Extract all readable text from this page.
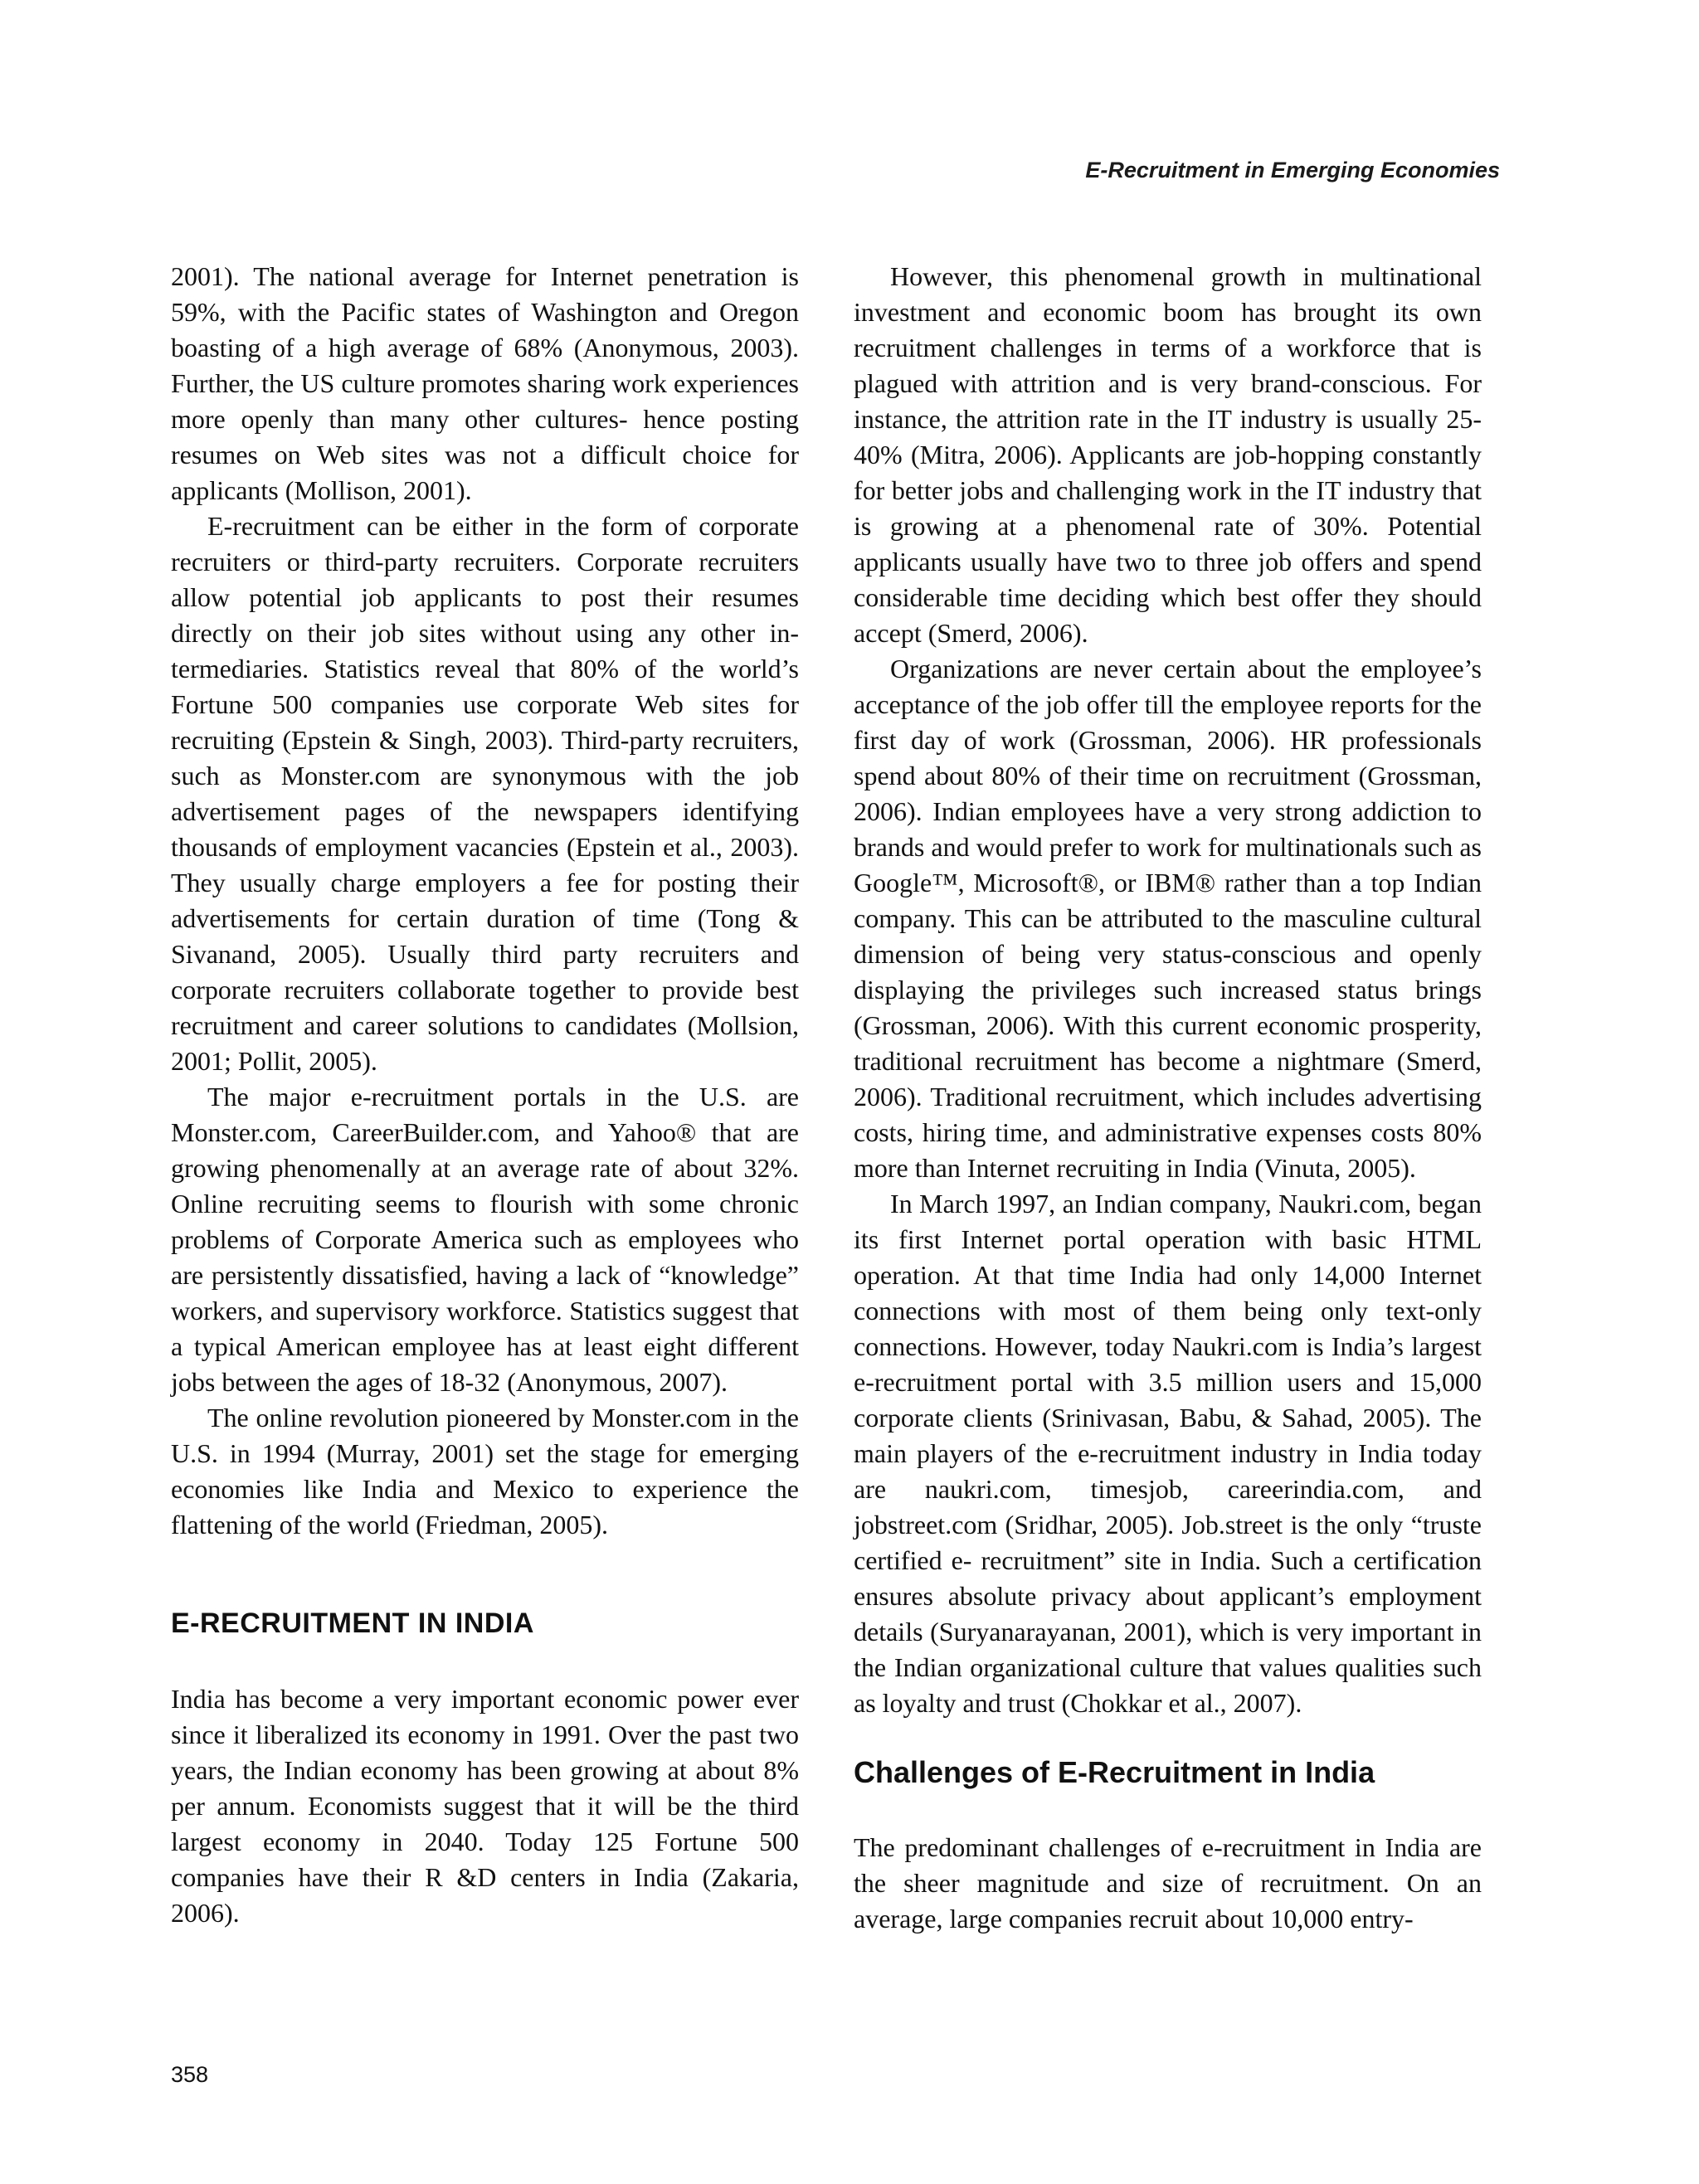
E-Recruitment in Emerging Economies

2001). The national average for Internet penetration is 59%, with the Pacific states of Washington and Oregon boasting of a high average of 68% (Anonymous, 2003). Further, the US culture promotes sharing work experiences more openly than many other cultures- hence posting resumes on Web sites was not a difficult choice for applicants (Mollison, 2001).

E-recruitment can be either in the form of corporate recruiters or third-party recruiters. Corporate recruiters allow potential job applicants to post their resumes directly on their job sites without using any other intermediaries. Statistics reveal that 80% of the world’s Fortune 500 companies use corporate Web sites for recruiting (Epstein & Singh, 2003). Third-party recruiters, such as Monster.com are synonymous with the job advertisement pages of the newspapers identifying thousands of employment vacancies (Epstein et al., 2003). They usually charge employers a fee for posting their advertisements for certain duration of time (Tong & Sivanand, 2005). Usually third party recruiters and corporate recruiters collaborate together to provide best recruitment and career solutions to candidates (Mollsion, 2001; Pollit, 2005).

The major e-recruitment portals in the U.S. are Monster.com, CareerBuilder.com, and Yahoo® that are growing phenomenally at an average rate of about 32%. Online recruiting seems to flourish with some chronic problems of Corporate America such as employees who are persistently dissatisfied, having a lack of “knowledge” workers, and supervisory workforce. Statistics suggest that a typical American employee has at least eight different jobs between the ages of 18-32 (Anonymous, 2007).

The online revolution pioneered by Monster.com in the U.S. in 1994 (Murray, 2001) set the stage for emerging economies like India and Mexico to experience the flattening of the world (Friedman, 2005).

E-RECRUITMENT IN INDIA

India has become a very important economic power ever since it liberalized its economy in 1991. Over the past two years, the Indian economy has been growing at about 8% per annum. Economists suggest that it will be the third largest economy in 2040. Today 125 Fortune 500 companies have their R &D centers in India (Zakaria, 2006).

However, this phenomenal growth in multinational investment and economic boom has brought its own recruitment challenges in terms of a workforce that is plagued with attrition and is very brand-conscious. For instance, the attrition rate in the IT industry is usually 25-40% (Mitra, 2006). Applicants are job-hopping constantly for better jobs and challenging work in the IT industry that is growing at a phenomenal rate of 30%. Potential applicants usually have two to three job offers and spend considerable time deciding which best offer they should accept (Smerd, 2006).

Organizations are never certain about the employee’s acceptance of the job offer till the employee reports for the first day of work (Grossman, 2006). HR professionals spend about 80% of their time on recruitment (Grossman, 2006). Indian employees have a very strong addiction to brands and would prefer to work for multinationals such as Google™, Microsoft®, or IBM® rather than a top Indian company. This can be attributed to the masculine cultural dimension of being very status-conscious and openly displaying the privileges such increased status brings (Grossman, 2006). With this current economic prosperity, traditional recruitment has become a nightmare (Smerd, 2006). Traditional recruitment, which includes advertising costs, hiring time, and administrative expenses costs 80% more than Internet recruiting in India (Vinuta, 2005).

In March 1997, an Indian company, Naukri.com, began its first Internet portal operation with basic HTML operation. At that time India had only 14,000 Internet connections with most of them being only text-only connections. However, today Naukri.com is India’s largest e-recruitment portal with 3.5 million users and 15,000 corporate clients (Srinivasan, Babu, & Sahad, 2005). The main players of the e-recruitment industry in India today are naukri.com, timesjob, careerindia.​com, and jobstreet.com (Sridhar, 2005). Job.street is the only “truste certified e- recruitment” site in India. Such a certification ensures absolute privacy about applicant’s employment details (Suryanarayanan, 2001), which is very important in the Indian organizational culture that values qualities such as loyalty and trust (Chokkar et al., 2007).

Challenges of E-Recruitment in India

The predominant challenges of e-recruitment in India are the sheer magnitude and size of recruitment. On an average, large companies recruit about 10,000 entry-

358
